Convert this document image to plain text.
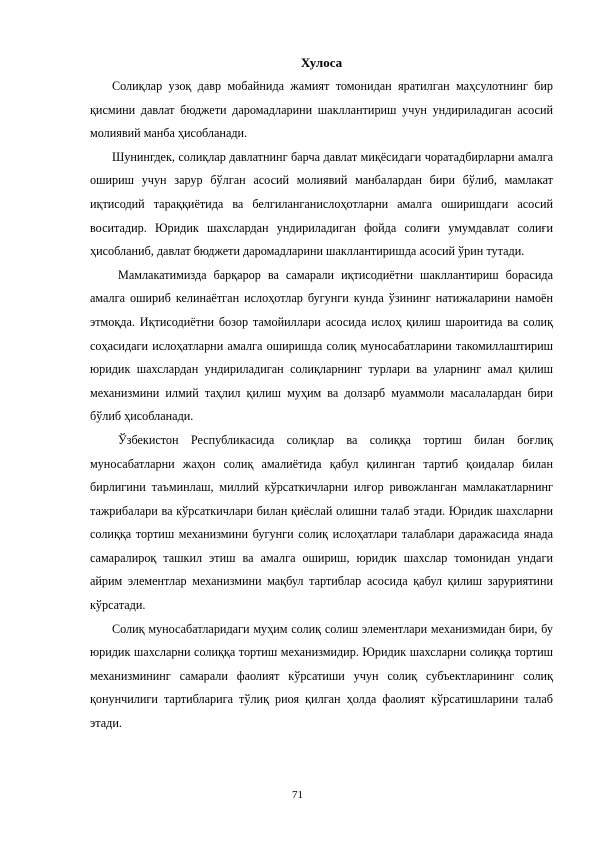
Хулоса

Солиқлар узоқ давр мобайнида жамият томонидан яратилган маҳсулотнинг бир қисмини давлат бюджети даромадларини шакллантириш учун ундириладиган асосий молиявий манба ҳисобланади.

Шунингдек, солиқлар давлатнинг барча давлат миқёсидаги чоратадбирларни амалга ошириш учун зарур бўлган асосий молиявий манбалардан бири бўлиб, мамлакат иқтисодий тараққиётида ва белгиланганислоҳотларни амалга оширишдаги асосий воситадир. Юридик шахслардан ундириладиган фойда солиғи умумдавлат солиғи ҳисобланиб, давлат бюджети даромадларини шакллантиришда асосий ўрин тутади.

Мамлакатимизда барқарор ва самарали иқтисодиётни шакллантириш борасида амалга ошириб келинаётган ислоҳотлар бугунги кунда ўзининг натижаларини намоён этмоқда. Иқтисодиётни бозор тамойиллари асосида ислоҳ қилиш шароитида ва солиқ соҳасидаги ислоҳатларни амалга оширишда солиқ муносабатларини такомиллаштириш юридик шахслардан ундириладиган солиқларнинг турлари ва уларнинг амал қилиш механизмини илмий таҳлил қилиш муҳим ва долзарб муаммоли масалалардан бири бўлиб ҳисобланади.

Ўзбекистон Республикасида солиқлар ва солиққа тортиш билан боғлиқ муносабатларни жаҳон солиқ амалиётида қабул қилинган тартиб қоидалар билан бирлигини таъминлаш, миллий кўрсаткичларни илғор ривожланган мамлакатларнинг тажрибалари ва кўрсаткичлари билан қиёслай олишни талаб этади. Юридик шахсларни солиққа тортиш механизмини бугунги солиқ ислоҳатлари талаблари даражасида янада самаралироқ ташкил этиш ва амалга ошириш, юридик шахслар томонидан ундаги айрим элементлар механизмини мақбул тартиблар асосида қабул қилиш заруриятини кўрсатади.

Солиқ муносабатларидаги муҳим солиқ солиш элементлари механизмидан бири, бу юридик шахсларни солиққа тортиш механизмидир. Юридик шахсларни солиққа тортиш механизмининг самарали фаолият кўрсатиши учун солиқ субъектларининг солиқ қонунчилиги тартибларига тўлиқ риоя қилган ҳолда фаолият кўрсатишларини талаб этади.

71
